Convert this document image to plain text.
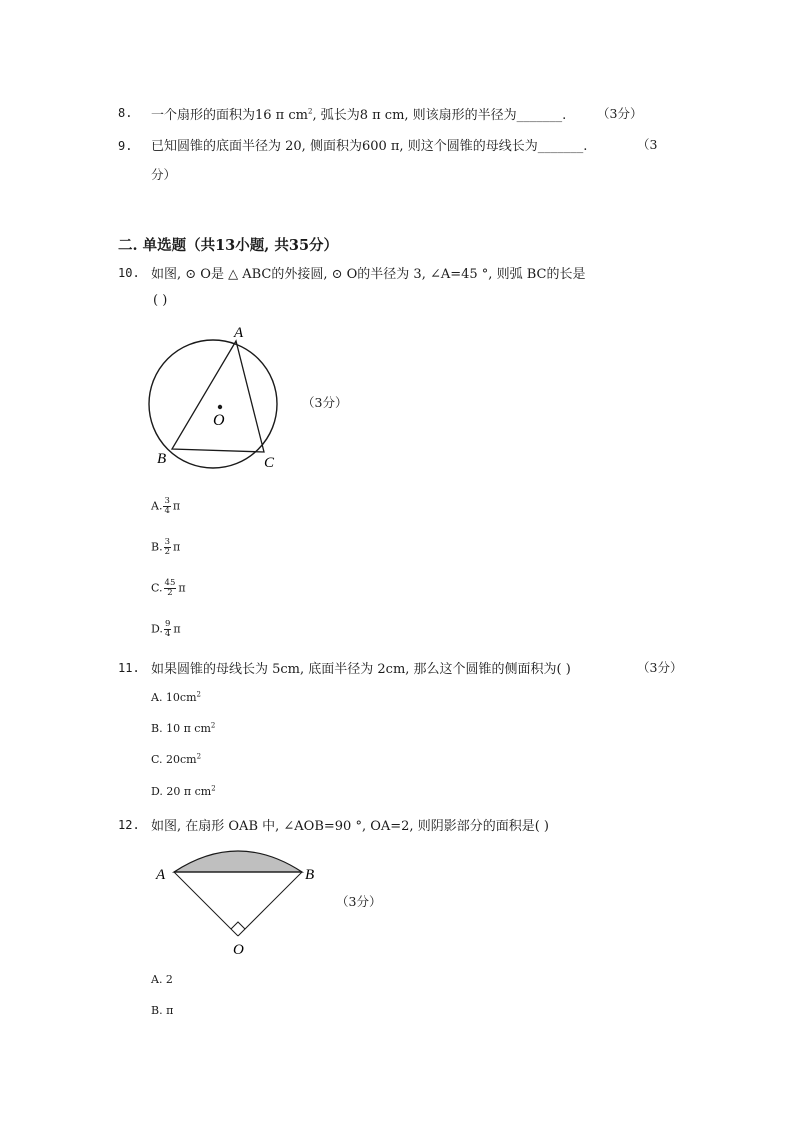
8. 一个扇形的面积为16 π $cm^2$, 弧长为8 π cm, 则该扇形的半径为_______. （3分）
9. 已知圆锥的底面半径为 20, 侧面积为600 π, 则这个圆锥的母线长为_______.	（3
分）
二. 单选题（共13小题, 共35分）
10. 如图, ⊙ O是 △ ABC的外接圆, ⊙ O的半径为 3, ∠A=45 °, 则弧 BC的长是
( )
A
O
B	C
（3分）
A. $\frac{3}{4}$ π
B. $\frac{3}{2}$ π
C. $\frac{45}{2}$ π
D. $\frac{9}{4}$ π
11. 如果圆锥的母线长为 5cm, 底面半径为 2cm, 那么这个圆锥的侧面积为( )	（3分）
A. $10cm^2$
B. 10 π $cm^2$
C. $20cm^2$
D. 20 π $cm^2$
12. 如图, 在扇形 OAB 中, ∠AOB=90 °, OA=2, 则阴影部分的面积是( )
A	B
O
（3分）
A. 2
B. π
